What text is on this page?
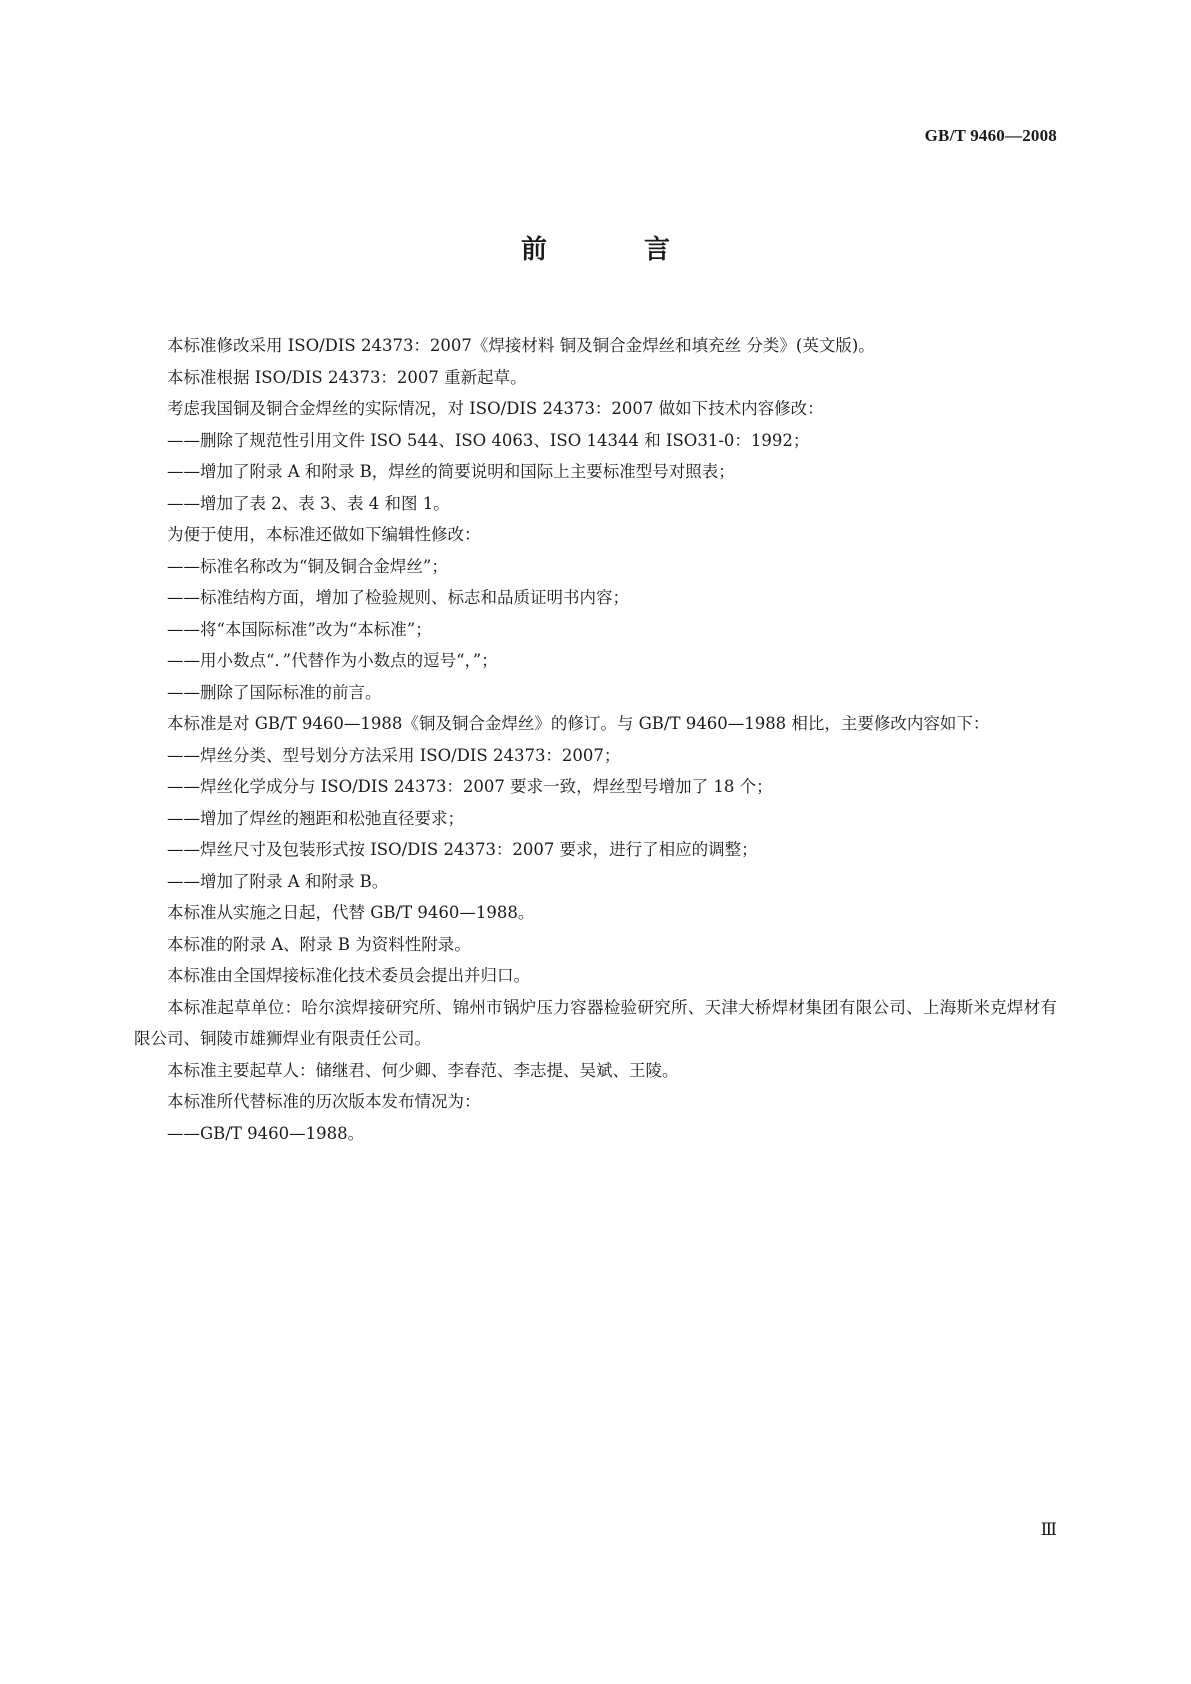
GB/T 9460—2008
前 言

本标准修改采用 ISO/DIS 24373：2007《焊接材料 铜及铜合金焊丝和填充丝 分类》(英文版)。

本标准根据 ISO/DIS 24373：2007 重新起草。

考虑我国铜及铜合金焊丝的实际情况，对 ISO/DIS 24373：2007 做如下技术内容修改：

——删除了规范性引用文件 ISO 544、ISO 4063、ISO 14344 和 ISO31-0：1992；

——增加了附录 A 和附录 B，焊丝的简要说明和国际上主要标准型号对照表；

——增加了表 2、表 3、表 4 和图 1。

为便于使用，本标准还做如下编辑性修改：

——标准名称改为“铜及铜合金焊丝”；

——标准结构方面，增加了检验规则、标志和品质证明书内容；

——将“本国际标准”改为“本标准”；

——用小数点“．”代替作为小数点的逗号“，”；

——删除了国际标准的前言。

本标准是对 GB/T 9460—1988《铜及铜合金焊丝》的修订。与 GB/T 9460—1988 相比，主要修改内容如下：

——焊丝分类、型号划分方法采用 ISO/DIS 24373：2007；

——焊丝化学成分与 ISO/DIS 24373：2007 要求一致，焊丝型号增加了 18 个；

——增加了焊丝的翘距和松弛直径要求；

——焊丝尺寸及包装形式按 ISO/DIS 24373：2007 要求，进行了相应的调整；

——增加了附录 A 和附录 B。

本标准从实施之日起，代替 GB/T 9460—1988。

本标准的附录 A、附录 B 为资料性附录。

本标准由全国焊接标准化技术委员会提出并归口。

本标准起草单位：哈尔滨焊接研究所、锦州市锅炉压力容器检验研究所、天津大桥焊材集团有限公司、上海斯米克焊材有限公司、铜陵市雄狮焊业有限责任公司。

本标准主要起草人：储继君、何少卿、李春范、李志提、吴斌、王陵。

本标准所代替标准的历次版本发布情况为：

——GB/T 9460—1988。

Ⅲ
